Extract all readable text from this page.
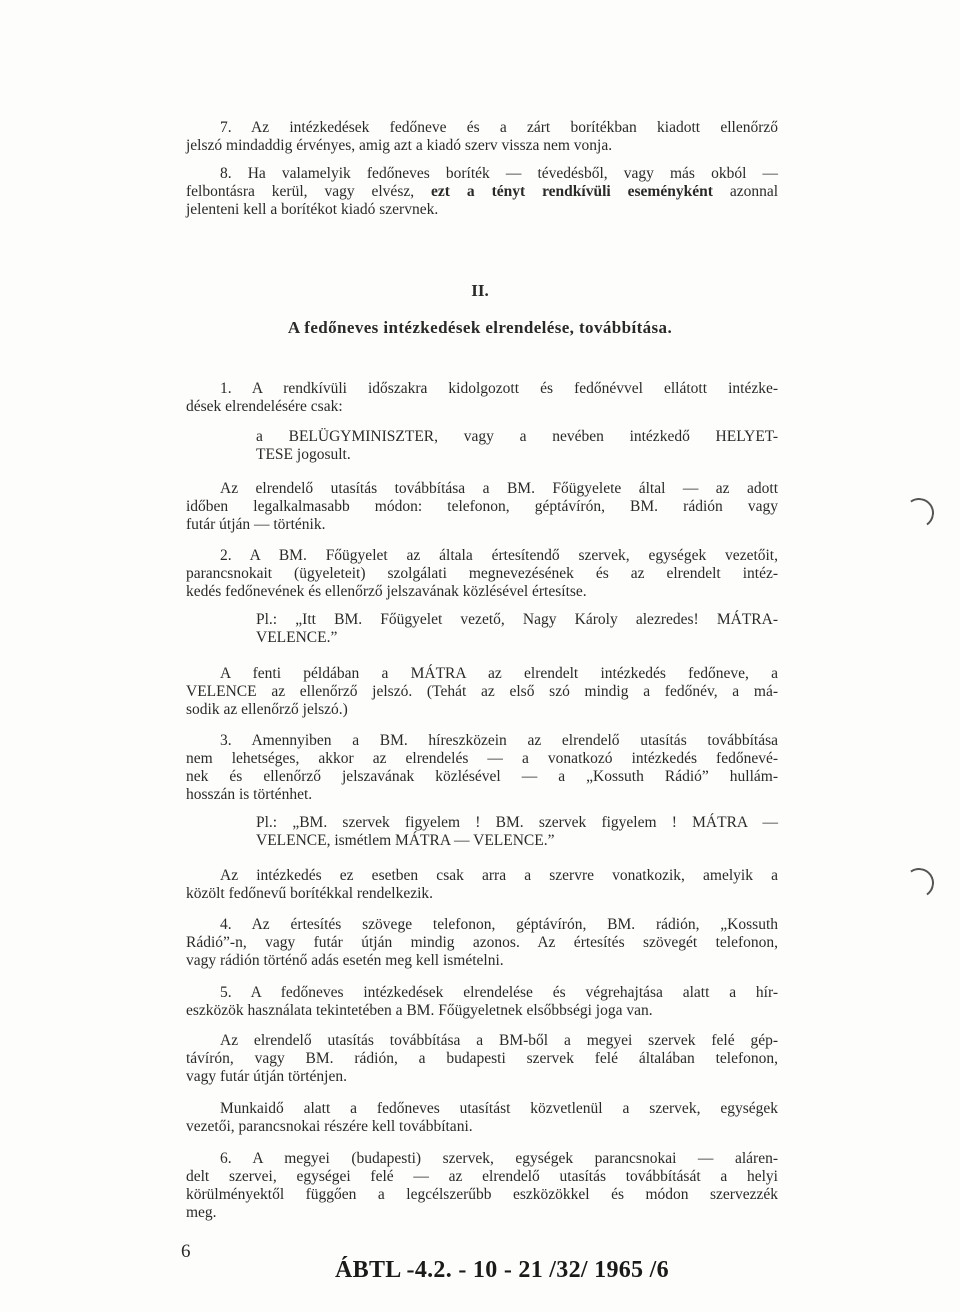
7. Az intézkedések fedőneve és a zárt borítékban kiadott ellenőrző
jelszó mindaddig érvényes, amig azt a kiadó szerv vissza nem vonja.

8. Ha valamelyik fedőneves boríték — tévedésből, vagy más okból —
felbontásra kerül, vagy elvész, ezt a tényt rendkívüli eseményként azonnal
jelenteni kell a borítékot kiadó szervnek.

II.

A fedőneves intézkedések elrendelése, továbbítása.

1. A rendkívüli időszakra kidolgozott és fedőnévvel ellátott intézke-
dések elrendelésére csak:

a BELÜGYMINISZTER, vagy a nevében intézkedő HELYET-
TESE jogosult.

Az elrendelő utasítás továbbítása a BM. Főügyelete által — az adott
időben legalkalmasabb módon: telefonon, géptávírón, BM. rádión vagy
futár útján — történik.

2. A BM. Főügyelet az általa értesítendő szervek, egységek vezetőit,
parancsnokait (ügyeleteit) szolgálati megnevezésének és az elrendelt intéz-
kedés fedőnevének és ellenőrző jelszavának közlésével értesítse.

Pl.: „Itt BM. Főügyelet vezető, Nagy Károly alezredes! MÁTRA-
VELENCE.”

A fenti példában a MÁTRA az elrendelt intézkedés fedőneve, a
VELENCE az ellenőrző jelszó. (Tehát az első szó mindig a fedőnév, a má-
sodik az ellenőrző jelszó.)

3. Amennyiben a BM. híreszközein az elrendelő utasítás továbbítása
nem lehetséges, akkor az elrendelés — a vonatkozó intézkedés fedőnevé-
nek és ellenőrző jelszavának közlésével — a „Kossuth Rádió” hullám-
hosszán is történhet.

Pl.: „BM. szervek figyelem ! BM. szervek figyelem ! MÁTRA —
VELENCE, ismétlem MÁTRA — VELENCE.”

Az intézkedés ez esetben csak arra a szervre vonatkozik, amelyik a
közölt fedőnevű borítékkal rendelkezik.

4. Az értesítés szövege telefonon, géptávírón, BM. rádión, „Kossuth
Rádió”-n, vagy futár útján mindig azonos. Az értesítés szövegét telefonon,
vagy rádión történő adás esetén meg kell ismételni.

5. A fedőneves intézkedések elrendelése és végrehajtása alatt a hír-
eszközök használata tekintetében a BM. Főügyeletnek elsőbbségi joga van.

Az elrendelő utasítás továbbítása a BM-ből a megyei szervek felé gép-
távírón, vagy BM. rádión, a budapesti szervek felé általában telefonon,
vagy futár útján történjen.

Munkaidő alatt a fedőneves utasítást közvetlenül a szervek, egységek
vezetői, parancsnokai részére kell továbbítani.

6. A megyei (budapesti) szervek, egységek parancsnokai — aláren-
delt szervei, egységei felé — az elrendelő utasítás továbbítását a helyi
körülményektől függően a legcélszerűbb eszközökkel és módon szervezzék
meg.

6
ÁBTL -4.2. - 10 - 21 /32/ 1965 /6
